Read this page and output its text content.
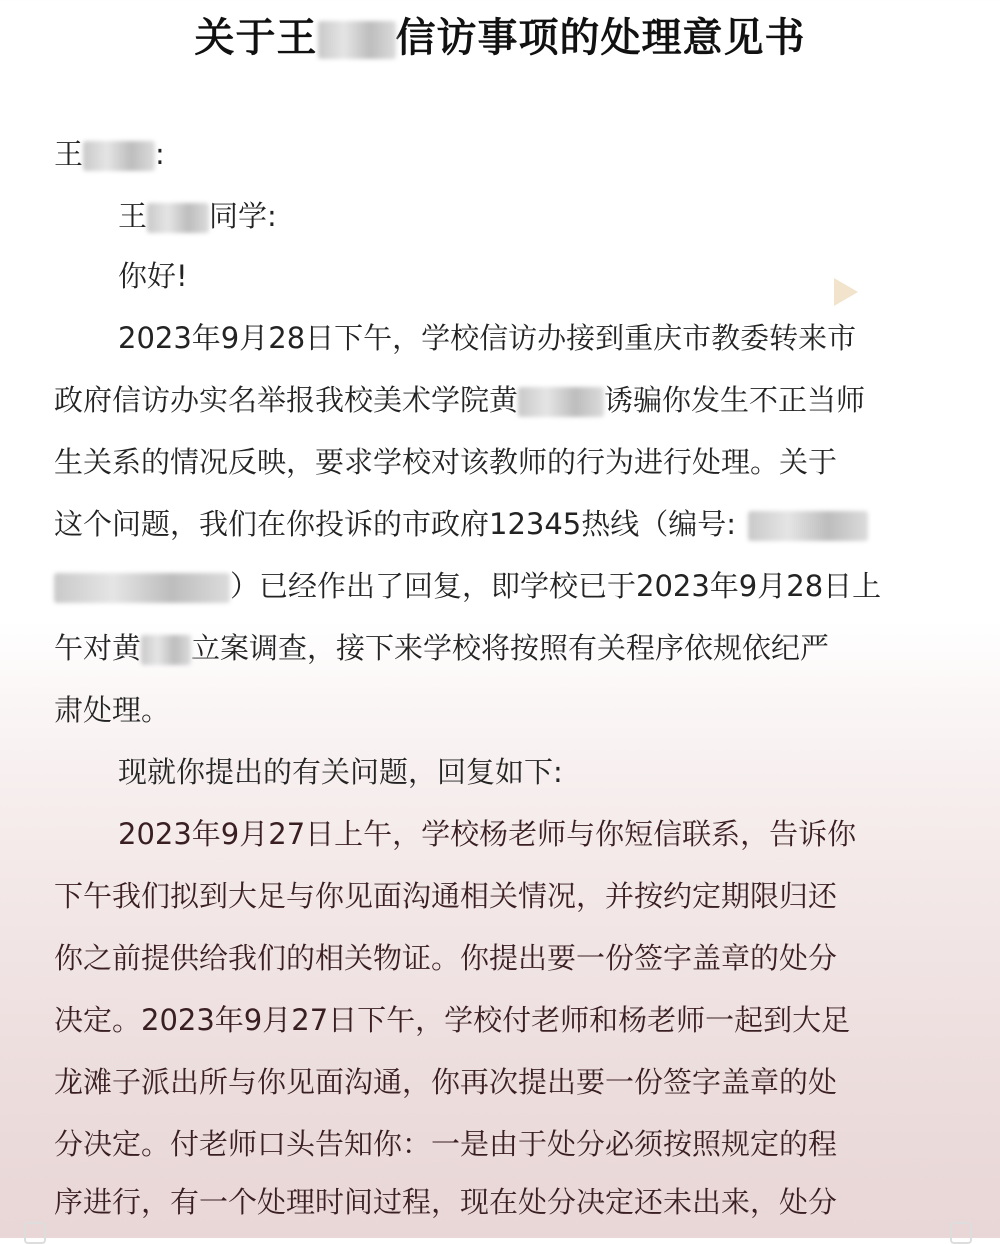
关于王 信访事项的处理意见书
王 :
王 同学:
你好!
2023年9月28日下午，学校信访办接到重庆市教委转来市
政府信访办实名举报我校美术学院黄	诱骗你发生不正当师
生关系的情况反映，要求学校对该教师的行为进行处理。关于
这个问题，我们在你投诉的市政府12345热线（编号:
）已经作出了回复，即学校已于2023年9月28日上
午对黄 立案调查，接下来学校将按照有关程序依规依纪严
肃处理。
现就你提出的有关问题，回复如下:
2023年9月27日上午，学校杨老师与你短信联系，告诉你
下午我们拟到大足与你见面沟通相关情况，并按约定期限归还
你之前提供给我们的相关物证。你提出要一份签字盖章的处分
决定。2023年9月27日下午，学校付老师和杨老师一起到大足
龙滩子派出所与你见面沟通，你再次提出要一份签字盖章的处
分决定。付老师口头告知你：一是由于处分必须按照规定的程
序进行，有一个处理时间过程，现在处分决定还未出来，处分
